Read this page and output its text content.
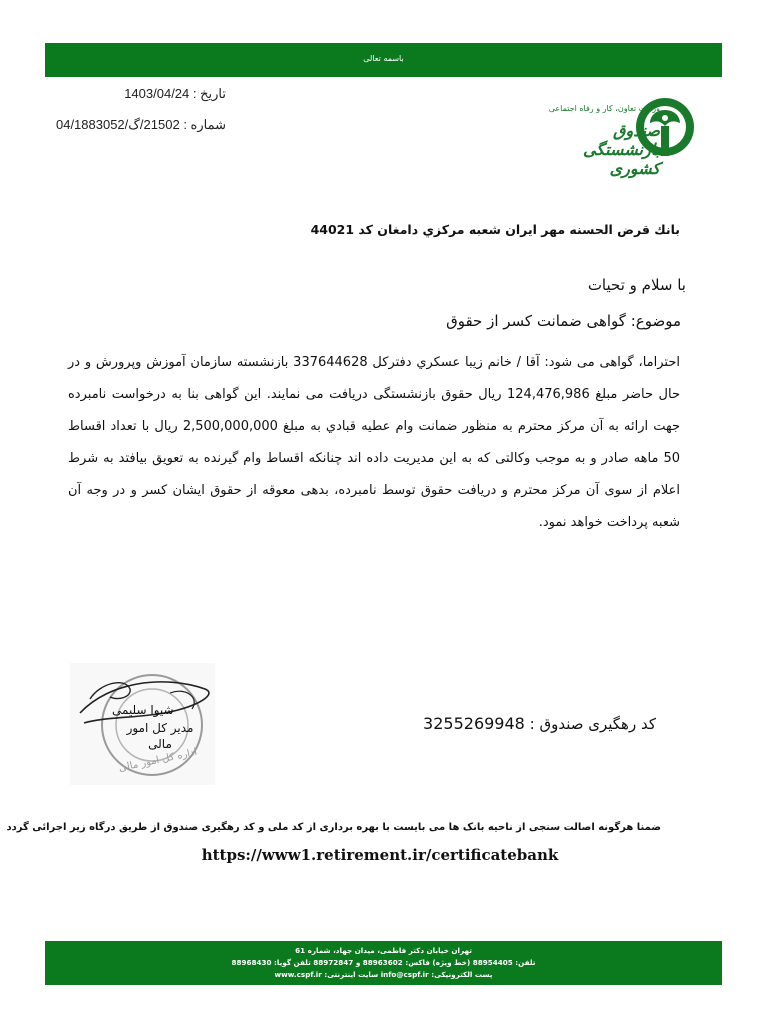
باسمه تعالی
تاریخ : 1403/04/24
شماره : 21502/گ/04/1883052
وزارت تعاون، کار و رفاه اجتماعی
صندوق بازنشستگی کشوری
بانك قرض الحسنه مهر ايران شعبه مرکزي دامغان کد 44021
با سلام و تحیات
موضوع: گواهی ضمانت کسر از حقوق
احتراما، گواهی می شود: آقا / خانم زیبا عسكري دفترکل 337644628 بازنشسته سازمان آموزش وپرورش و در حال حاضر مبلغ 124,476,986 ریال حقوق بازنشستگی دریافت می نمایند. این گواهی بنا به درخواست نامبرده جهت ارائه به آن مرکز محترم به منظور ضمانت وام عطیه قبادي به مبلغ 2,500,000,000 ریال با تعداد اقساط 50 ماهه صادر و به موجب وکالتی که به این مدیریت داده اند چنانکه اقساط وام گیرنده به تعویق بیافتد به شرط اعلام از سوی آن مرکز محترم و دریافت حقوق توسط نامبرده، بدهی معوقه از حقوق ایشان کسر و در وجه آن شعبه پرداخت خواهد نمود.
شیوا سلیمی
مدیر کل امور مالی
اداره کل امور مالی
کد رهگیری صندوق : 3255269948
ضمنا هرگونه اصالت سنجی از ناحیه بانک ها می بایست با بهره برداری از کد ملی و کد رهگیری صندوق از طریق درگاه زیر اجرائی گردد
https://www1.retirement.ir/certificatebank
تهران خیابان دکتر فاطمی، میدان جهاد، شماره 61
تلفن: 88954405 (خط ویژه) فاکس: 88963602 و 88972847 تلفن گویا: 88968430
پست الکترونیکی: info@cspf.ir سایت اینترنتی: www.cspf.ir
